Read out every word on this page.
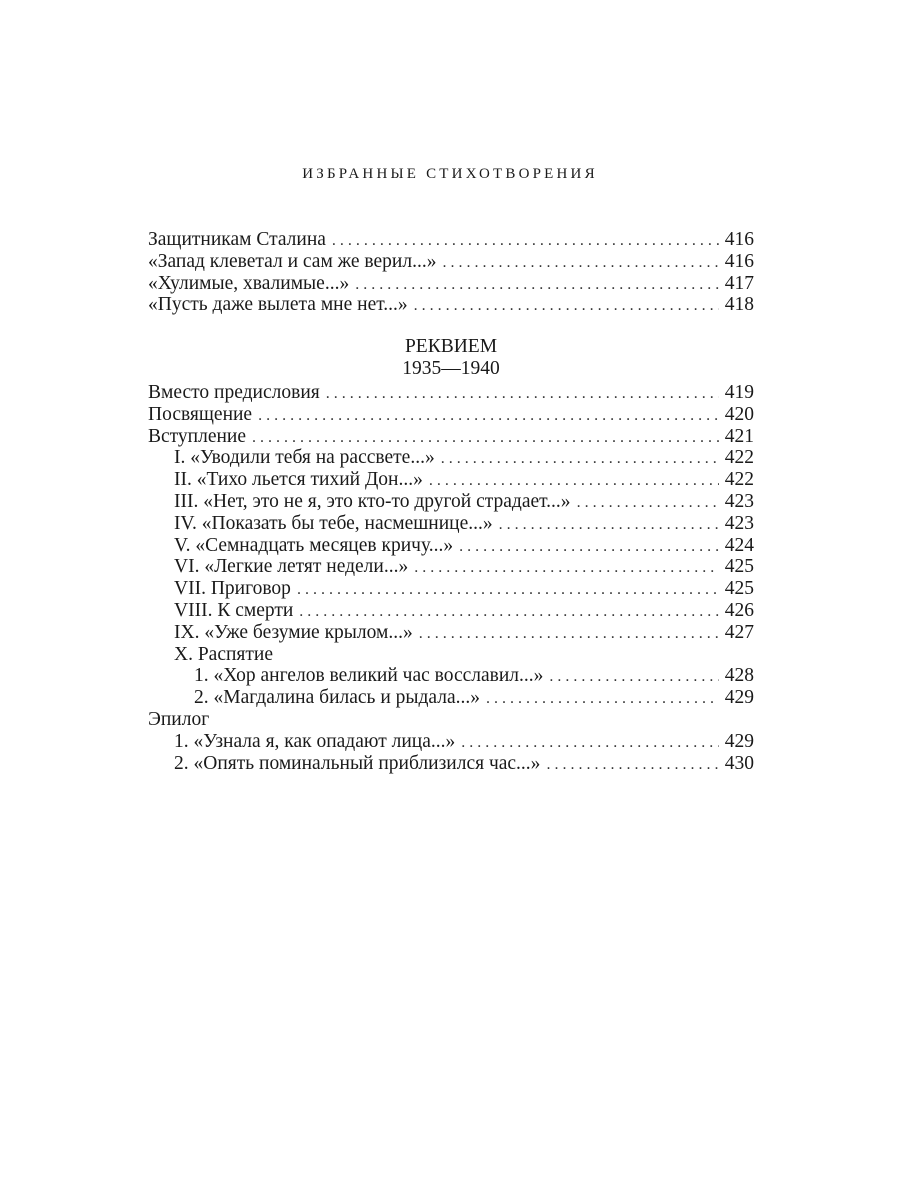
ИЗБРАННЫЕ СТИХОТВОРЕНИЯ
Защитникам Сталина . . .	416
«Запад клеветал и сам же верил...» . . .	416
«Хулимые, хвалимые...» . . .	417
«Пусть даже вылета мне нет...» . . .	418
РЕКВИЕМ
1935—1940
Вместо предисловия . . .	419
Посвящение . . .	420
Вступление . . .	421
I. «Уводили тебя на рассвете...» . . .	422
II. «Тихо льется тихий Дон...» . . .	422
III. «Нет, это не я, это кто-то другой страдает...» . . .	423
IV. «Показать бы тебе, насмешнице...» . . .	423
V. «Семнадцать месяцев кричу...» . . .	424
VI. «Легкие летят недели...» . . .	425
VII. Приговор . . .	425
VIII. К смерти . . .	426
IX. «Уже безумие крылом...» . . .	427
X. Распятие
1. «Хор ангелов великий час восславил...» . . .	428
2. «Магдалина билась и рыдала...» . . .	429
Эпилог
1. «Узнала я, как опадают лица...» . . .	429
2. «Опять поминальный приблизился час...» . . .	430
